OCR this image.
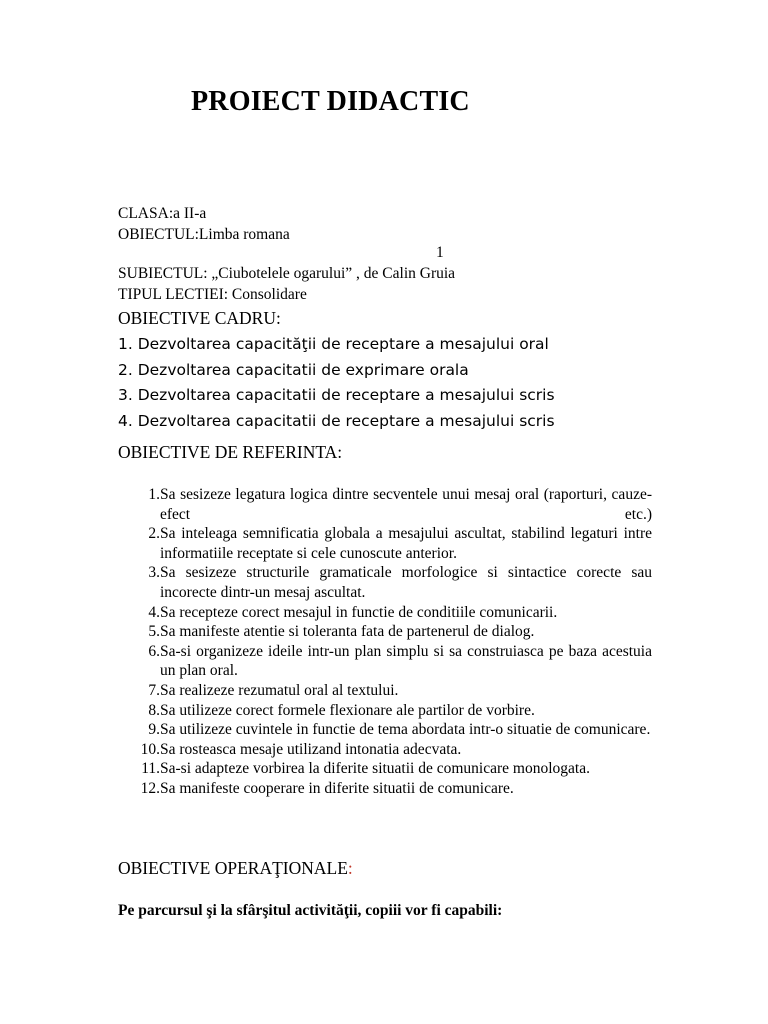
PROIECT DIDACTIC
CLASA:a II-a
OBIECTUL:Limba romana
1
SUBIECTUL: „Ciubotelele ogarului” , de Calin Gruia
TIPUL LECTIEI: Consolidare
OBIECTIVE CADRU:
1. Dezvoltarea capacităţii de receptare a mesajului oral
2. Dezvoltarea capacitatii de exprimare orala
3. Dezvoltarea capacitatii de receptare a mesajului scris
4. Dezvoltarea capacitatii de receptare a mesajului scris
OBIECTIVE DE REFERINTA:
1. Sa sesizeze legatura logica dintre secventele unui mesaj oral (raporturi, cauze-efect etc.)
2. Sa inteleaga semnificatia globala a mesajului ascultat, stabilind legaturi intre informatiile receptate si cele cunoscute anterior.
3. Sa sesizeze structurile gramaticale morfologice si sintactice corecte sau incorecte dintr-un mesaj ascultat.
4. Sa recepteze corect mesajul in functie de conditiile comunicarii.
5. Sa manifeste atentie si toleranta fata de partenerul de dialog.
6. Sa-si organizeze ideile intr-un plan simplu si sa construiasca pe baza acestuia un plan oral.
7. Sa realizeze rezumatul oral al textului.
8. Sa utilizeze corect formele flexionare ale partilor de vorbire.
9. Sa utilizeze cuvintele in functie de tema abordata intr-o situatie de comunicare.
10. Sa rosteasca mesaje utilizand intonatia adecvata.
11. Sa-si adapteze vorbirea la diferite situatii de comunicare monologata.
12. Sa manifeste cooperare in diferite situatii de comunicare.
OBIECTIVE OPERAŢIONALE:
Pe parcursul şi la sfârşitul activităţii, copiii vor fi capabili:
